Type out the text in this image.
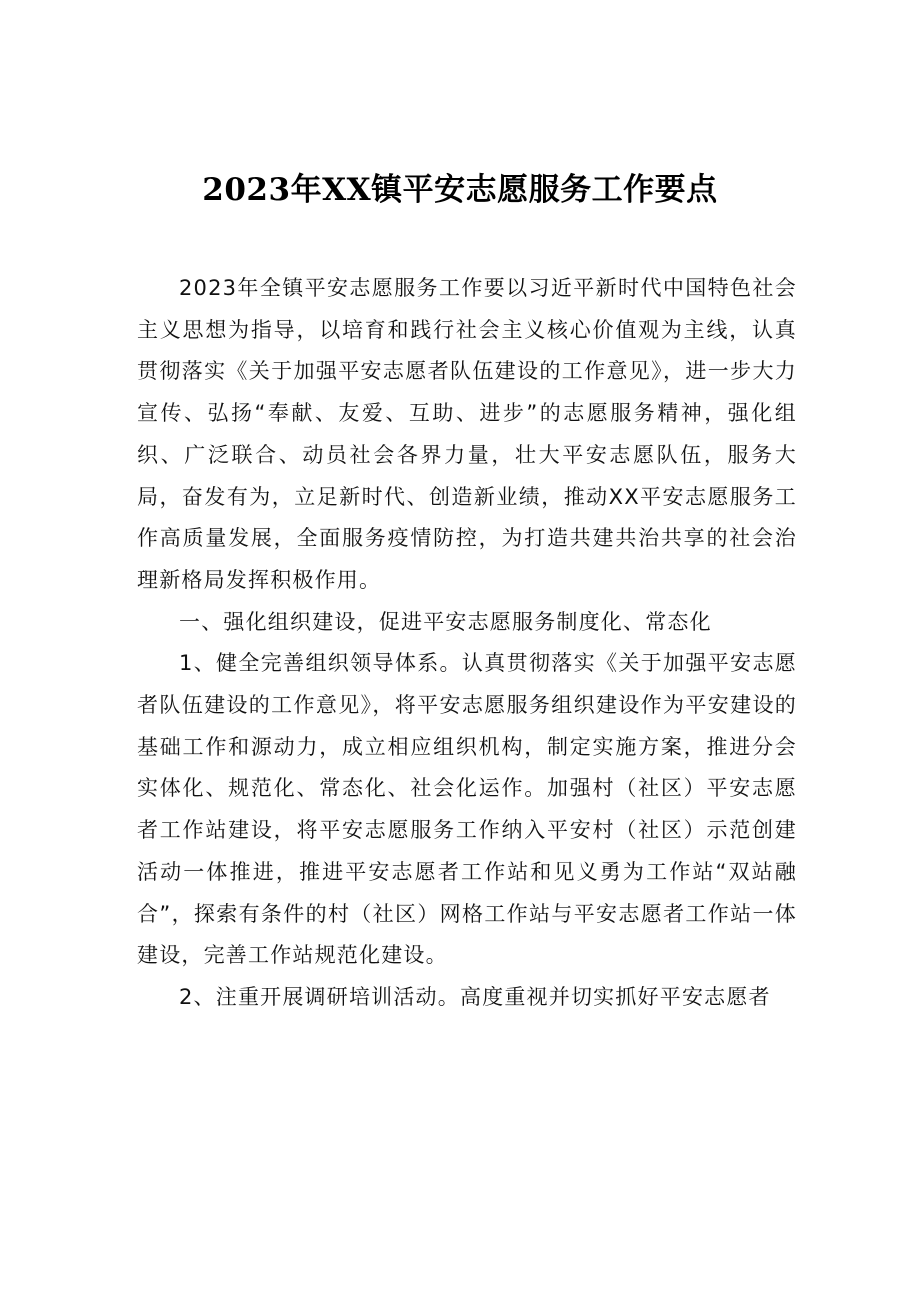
2023年XX镇平安志愿服务工作要点

2023年全镇平安志愿服务工作要以习近平新时代中国特色社会主义思想为指导，以培育和践行社会主义核心价值观为主线，认真贯彻落实《关于加强平安志愿者队伍建设的工作意见》，进一步大力宣传、弘扬“奉献、友爱、互助、进步”的志愿服务精神，强化组织、广泛联合、动员社会各界力量，壮大平安志愿队伍，服务大局，奋发有为，立足新时代、创造新业绩，推动XX平安志愿服务工作高质量发展，全面服务疫情防控，为打造共建共治共享的社会治理新格局发挥积极作用。

一、强化组织建设，促进平安志愿服务制度化、常态化

1、健全完善组织领导体系。认真贯彻落实《关于加强平安志愿者队伍建设的工作意见》，将平安志愿服务组织建设作为平安建设的基础工作和源动力，成立相应组织机构，制定实施方案，推进分会实体化、规范化、常态化、社会化运作。加强村（社区）平安志愿者工作站建设，将平安志愿服务工作纳入平安村（社区）示范创建活动一体推进，推进平安志愿者工作站和见义勇为工作站“双站融合”，探索有条件的村（社区）网格工作站与平安志愿者工作站一体建设，完善工作站规范化建设。

2、注重开展调研培训活动。高度重视并切实抓好平安志愿者
